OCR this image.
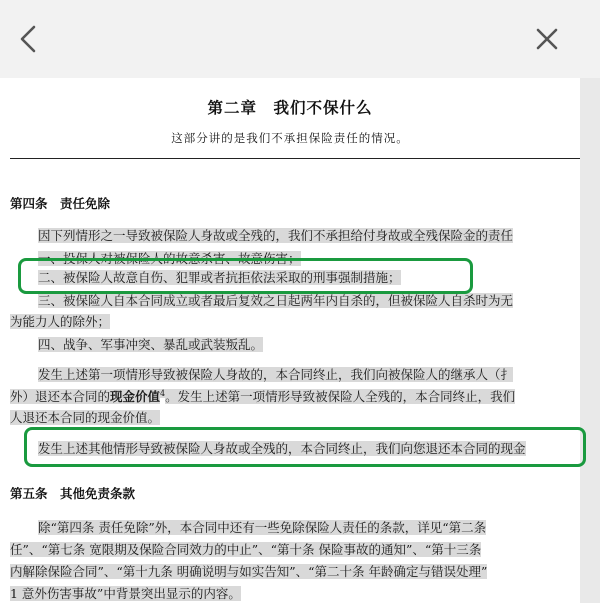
第二章　我们不保什么
这部分讲的是我们不承担保险责任的情况。
第四条　责任免除
因下列情形之一导致被保险人身故或全残的，我们不承担给付身故或全残保险金的责任
一、投保人对被保险人的故意杀害、故意伤害；
二、被保险人故意自伤、犯罪或者抗拒依法采取的刑事强制措施；
三、被保险人自本合同成立或者最后复效之日起两年内自杀的，但被保险人自杀时为无
为能力人的除外；
四、战争、军事冲突、暴乱或武装叛乱。
发生上述第一项情形导致被保险人身故的，本合同终止，我们向被保险人的继承人（扌
外）退还本合同的现金价值$^4$。发生上述第一项情形导致被保险人全残的，本合同终止，我们
人退还本合同的现金价值。
发生上述其他情形导致被保险人身故或全残的，本合同终止，我们向您退还本合同的现金
第五条　其他免责条款
除“第四条 责任免除”外，本合同中还有一些免除保险人责任的条款，详见“第二条
任”、“第七条 宽限期及保险合同效力的中止”、“第十条 保险事故的通知”、“第十三条
内解除保险合同”、“第十九条 明确说明与如实告知”、“第二十条 年龄确定与错误处理”
1 意外伤害事故”中背景突出显示的内容。
